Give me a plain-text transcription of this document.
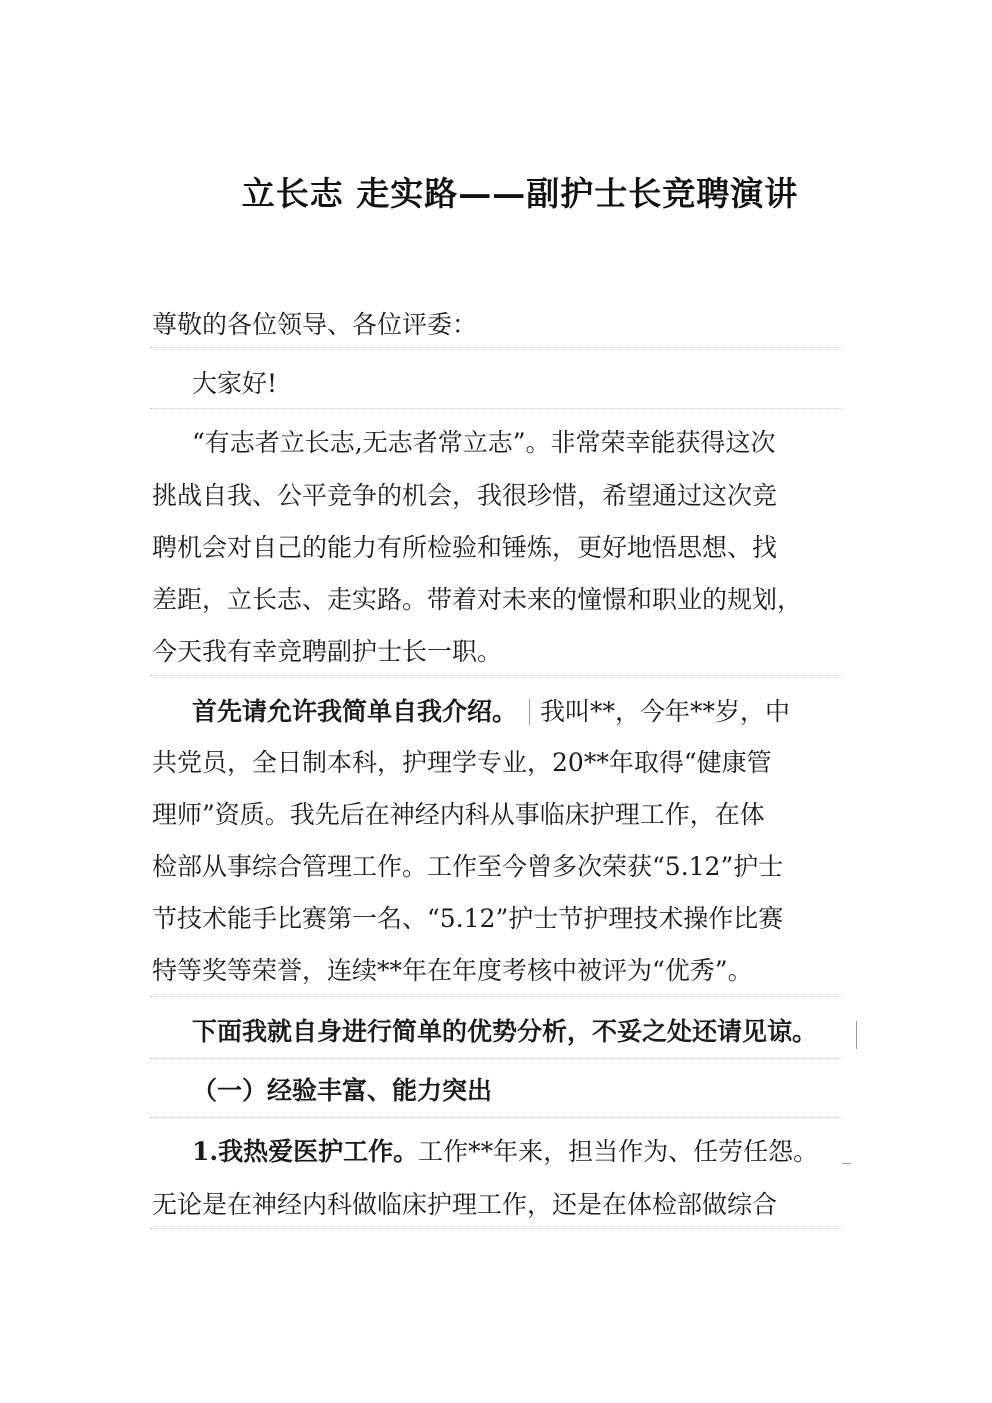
立长志 走实路——副护士长竞聘演讲
尊敬的各位领导、各位评委：
大家好!
“有志者立长志,无志者常立志”。非常荣幸能获得这次
挑战自我、公平竞争的机会，我很珍惜，希望通过这次竞
聘机会对自己的能力有所检验和锤炼，更好地悟思想、找
差距，立长志、走实路。带着对未来的憧憬和职业的规划，
今天我有幸竞聘副护士长一职。
首先请允许我简单自我介绍。 我叫**，今年**岁，中
共党员，全日制本科，护理学专业，20**年取得“健康管
理师”资质。我先后在神经内科从事临床护理工作，在体
检部从事综合管理工作。工作至今曾多次荣获“5.12”护士
节技术能手比赛第一名、“5.12”护士节护理技术操作比赛
特等奖等荣誉，连续**年在年度考核中被评为“优秀”。
下面我就自身进行简单的优势分析，不妥之处还请见谅。
（一）经验丰富、能力突出
1.我热爱医护工作。工作**年来，担当作为、任劳任怨。
无论是在神经内科做临床护理工作，还是在体检部做综合
